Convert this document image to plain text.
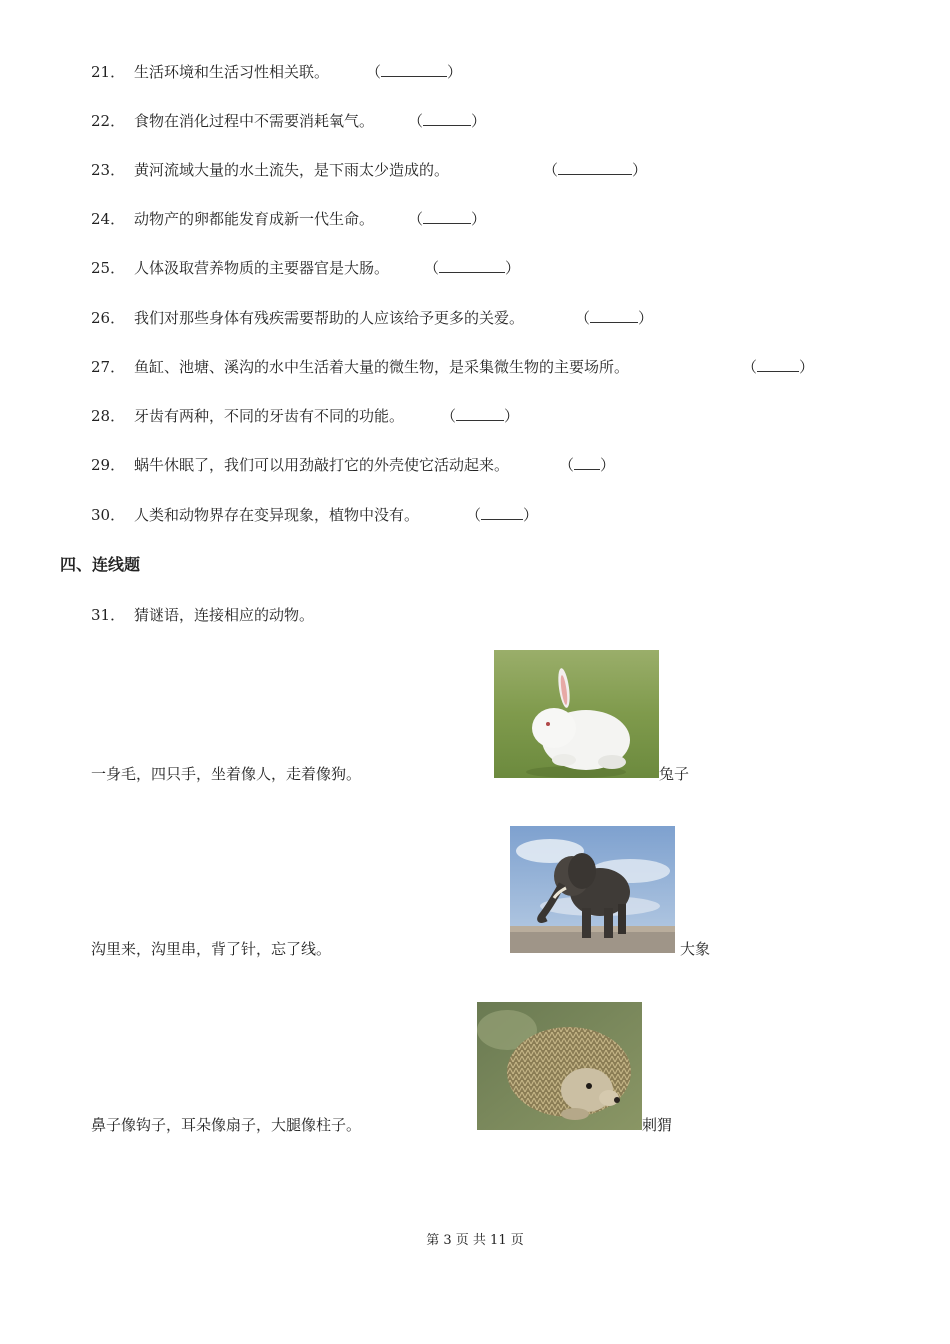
21． 生活环境和生活习性相关联。 （	）
22． 食物在消化过程中不需要消耗氧气。 （	）
23． 黄河流域大量的水土流失，是下雨太少造成的。	（	）
24． 动物产的卵都能发育成新一代生命。 （	）
25． 人体汲取营养物质的主要器官是大肠。 （	）
26． 我们对那些身体有残疾需要帮助的人应该给予更多的关爱。	（	）
27． 鱼缸、池塘、溪沟的水中生活着大量的微生物，是采集微生物的主要场所。	（	）
28． 牙齿有两种，不同的牙齿有不同的功能。 （	）
29． 蜗牛休眠了，我们可以用劲敲打它的外壳使它活动起来。	（ ）
30． 人类和动物界存在变异现象，植物中没有。	（	）
四、连线题
31． 猜谜语，连接相应的动物。
一身毛，四只手，坐着像人，走着像狗。
沟里来，沟里串，背了针，忘了线。
鼻子像钩子，耳朵像扇子，大腿像柱子。
兔子
大象
刺猬
第 3 页 共 11 页
